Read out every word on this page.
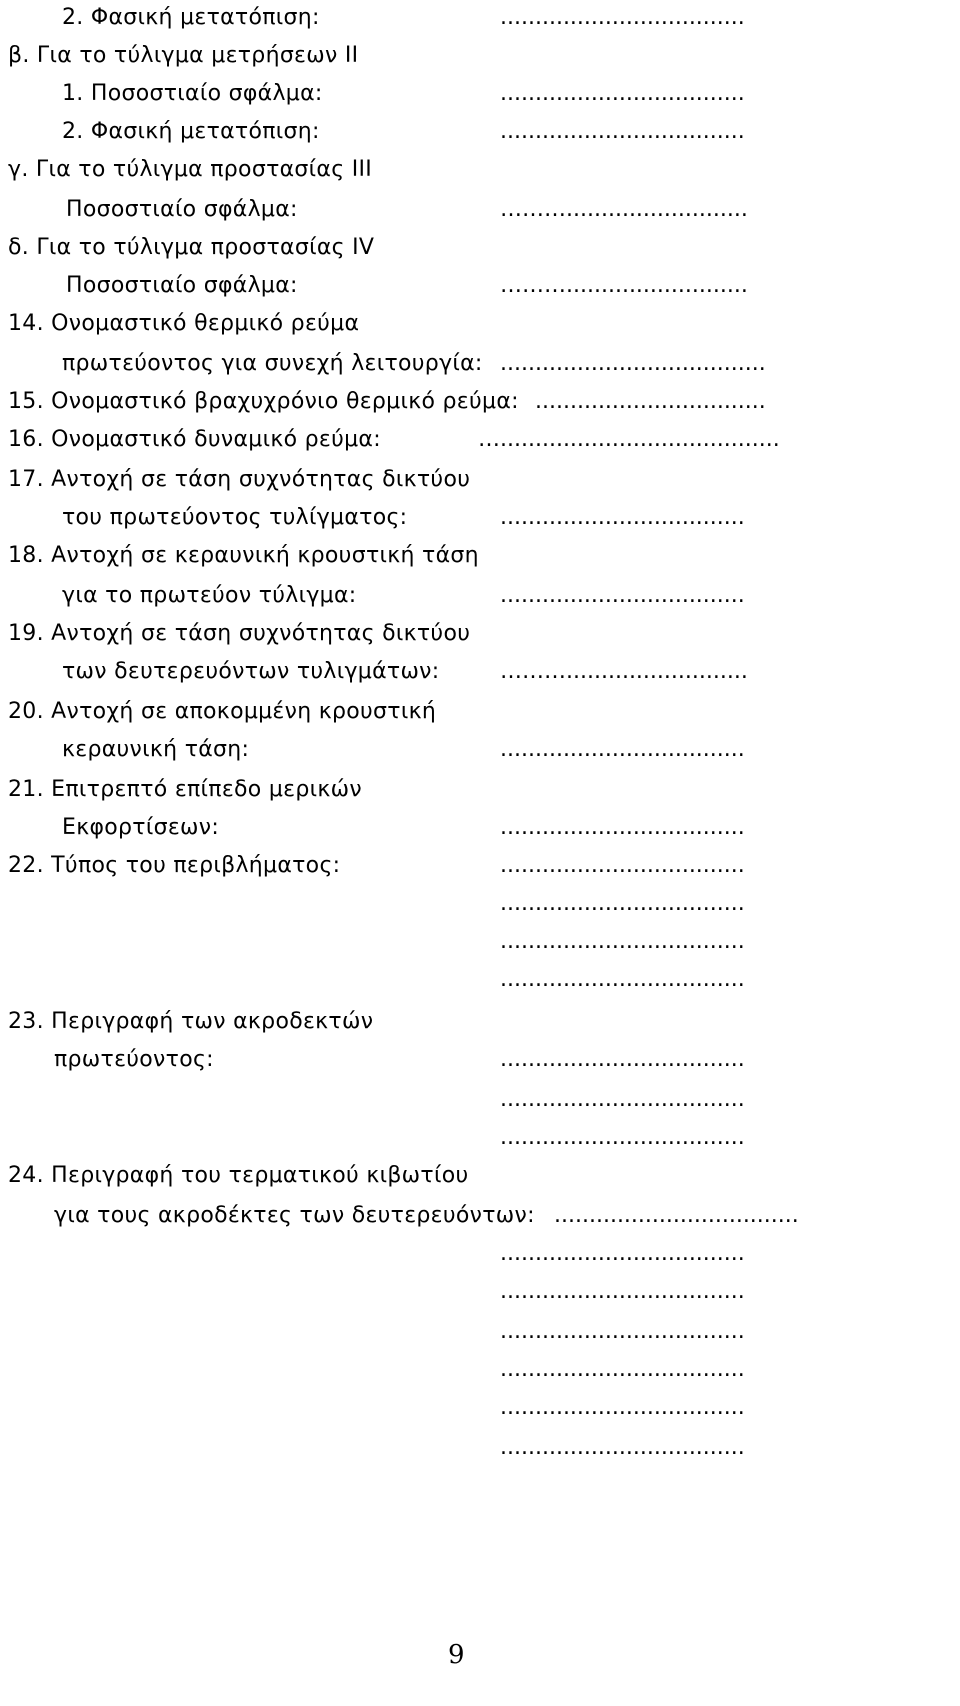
2. Φασική μετατόπιση:	...................................
β. Για το τύλιγμα μετρήσεων ΙΙ
1. Ποσοστιαίο σφάλμα:	...................................
2. Φασική μετατόπιση:	...................................
γ. Για το τύλιγμα προστασίας ΙΙΙ
Ποσοστιαίο σφάλμα:	………..........................
δ. Για το τύλιγμα προστασίας IV
Ποσοστιαίο σφάλμα:	………..........................
14. Ονομαστικό θερμικό ρεύμα
πρωτεύοντος για συνεχή λειτουργία: ......................................
15. Ονομαστικό βραχυχρόνιο θερμικό ρεύμα: .................................
16. Ονομαστικό δυναμικό ρεύμα:	…........................................
17. Αντοχή σε τάση συχνότητας δικτύου
του πρωτεύοντος τυλίγματος:	...................................
18. Αντοχή σε κεραυνική κρουστική τάση
για το πρωτεύον τύλιγμα:	...................................
19. Αντοχή σε τάση συχνότητας δικτύου
των δευτερευόντων τυλιγμάτων:	………..........................
20. Αντοχή σε αποκομμένη κρουστική
κεραυνική τάση:	...................................
21. Επιτρεπτό επίπεδο μερικών
Εκφορτίσεων:	...................................
22. Τύπος του περιβλήματος:	...................................
...................................
...................................
...................................
23. Περιγραφή των ακροδεκτών
πρωτεύοντος:	...................................
...................................
...................................
24. Περιγραφή του τερματικού κιβωτίου
για τους ακροδέκτες των δευτερευόντων: ...................................
...................................
...................................
...................................
...................................
...................................
...................................
9
